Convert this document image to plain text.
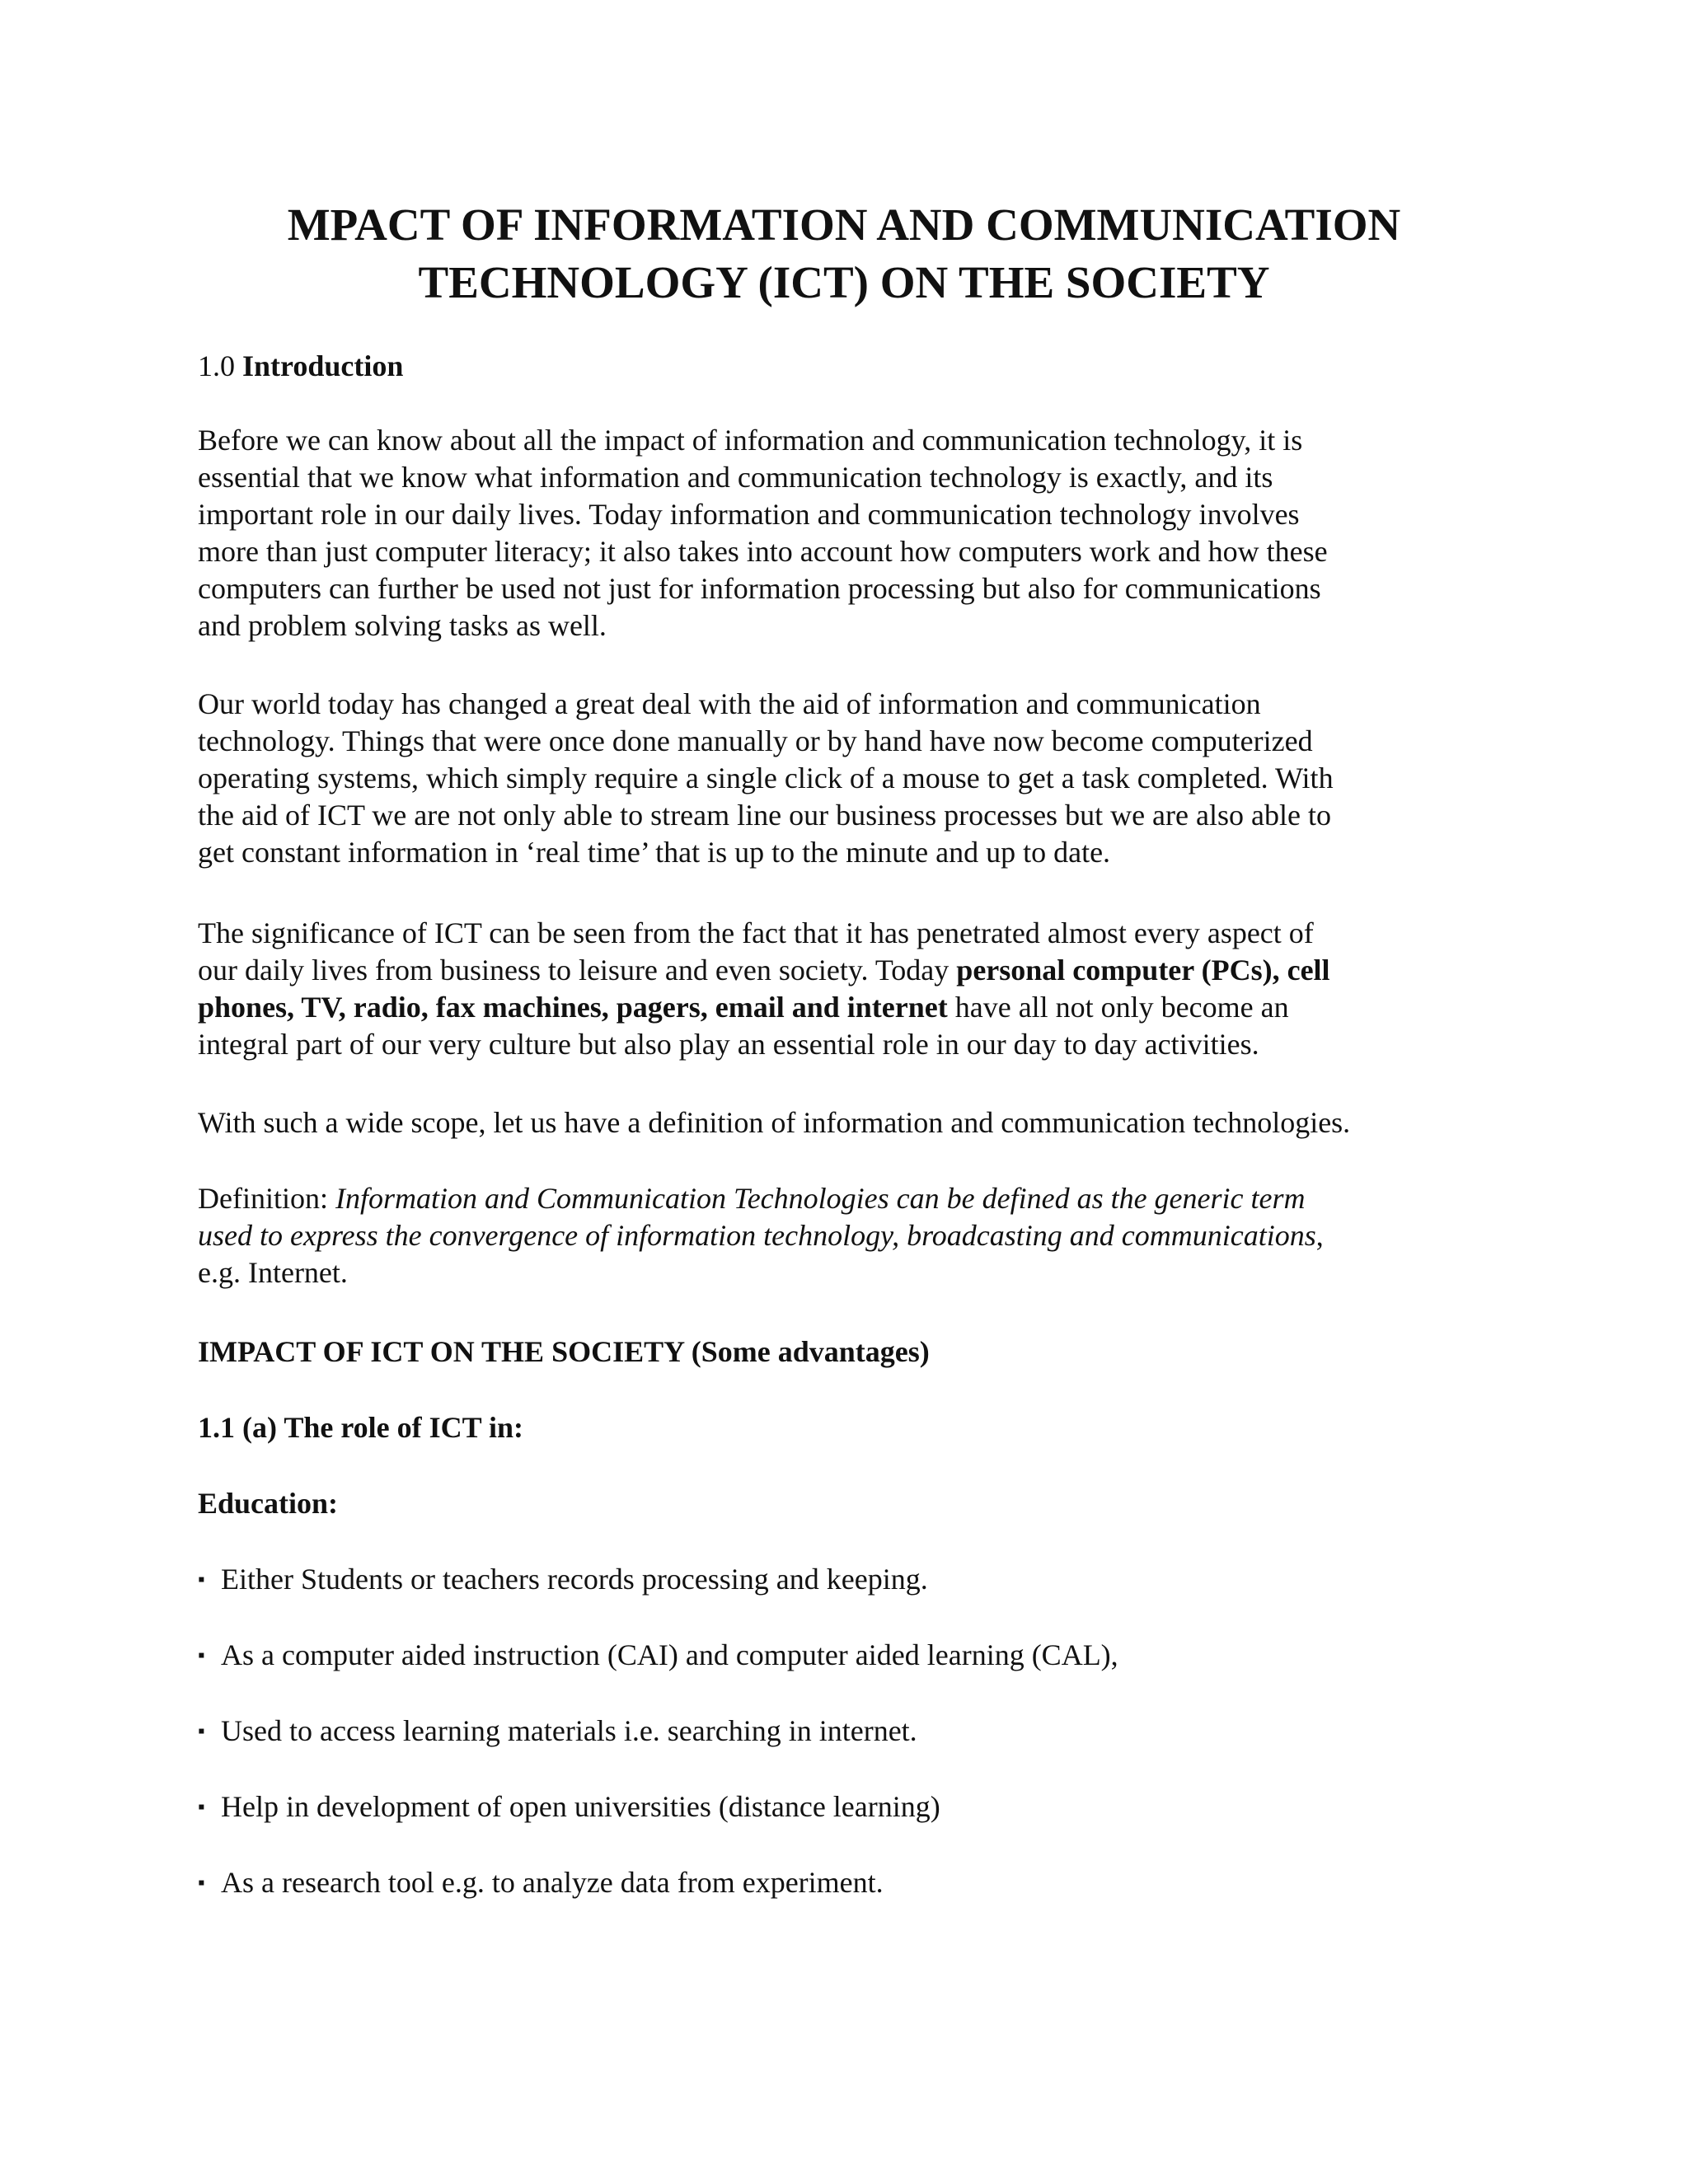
MPACT OF INFORMATION AND COMMUNICATION
TECHNOLOGY (ICT) ON THE SOCIETY

1.0 Introduction

Before we can know about all the impact of information and communication technology, it is
essential that we know what information and communication technology is exactly, and its
important role in our daily lives. Today information and communication technology involves
more than just computer literacy; it also takes into account how computers work and how these
computers can further be used not just for information processing but also for communications
and problem solving tasks as well.

Our world today has changed a great deal with the aid of information and communication
technology. Things that were once done manually or by hand have now become computerized
operating systems, which simply require a single click of a mouse to get a task completed. With
the aid of ICT we are not only able to stream line our business processes but we are also able to
get constant information in ‘real time’ that is up to the minute and up to date.

The significance of ICT can be seen from the fact that it has penetrated almost every aspect of
our daily lives from business to leisure and even society. Today personal computer (PCs), cell
phones, TV, radio, fax machines, pagers, email and internet have all not only become an
integral part of our very culture but also play an essential role in our day to day activities.

With such a wide scope, let us have a definition of information and communication technologies.

Definition: Information and Communication Technologies can be defined as the generic term
used to express the convergence of information technology, broadcasting and communications,
e.g. Internet.

IMPACT OF ICT ON THE SOCIETY (Some advantages)

1.1 (a) The role of ICT in:

Education:

▪ Either Students or teachers records processing and keeping.

▪ As a computer aided instruction (CAI) and computer aided learning (CAL),

▪ Used to access learning materials i.e. searching in internet.

▪ Help in development of open universities (distance learning)

▪ As a research tool e.g. to analyze data from experiment.
